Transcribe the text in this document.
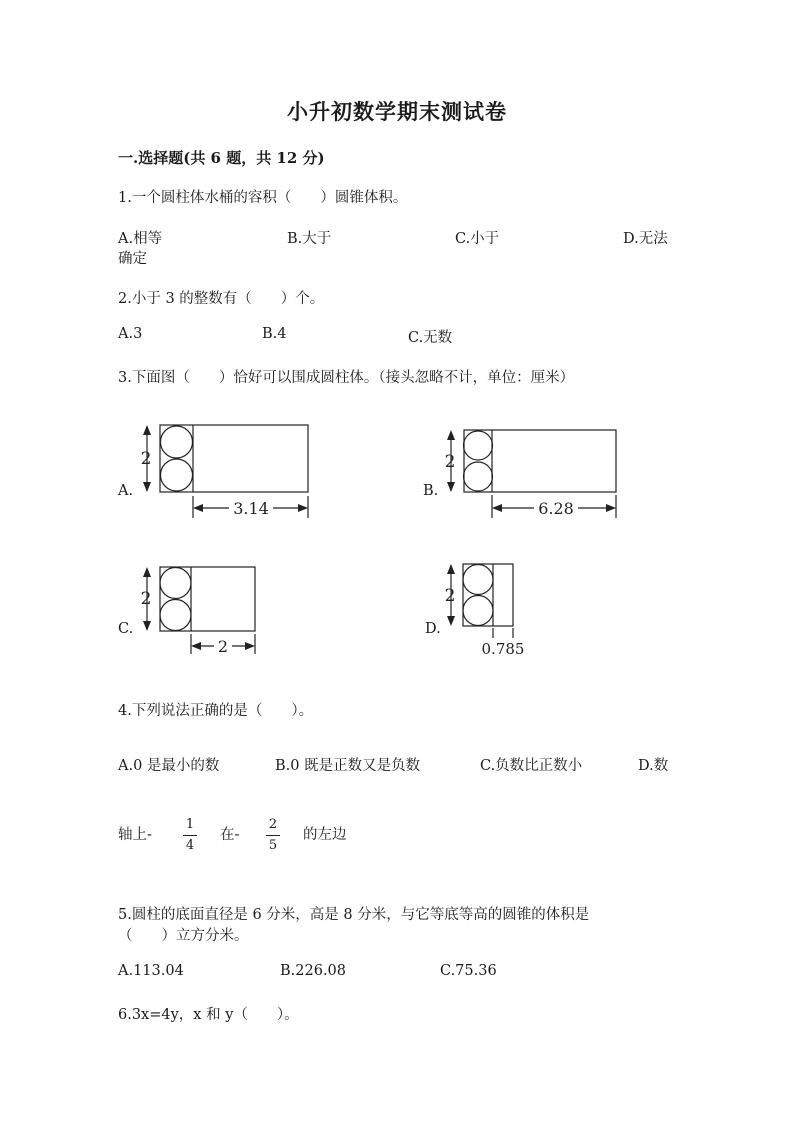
小升初数学期末测试卷
一.选择题(共 6 题，共 12 分)
1.一个圆柱体水桶的容积（　　）圆锥体积。
A.相等	B.大于	C.小于	D.无法
确定
2.小于 3 的整数有（　　）个。
A.3	B.4	C.无数
3.下面图（　　）恰好可以围成圆柱体。（接头忽略不计，单位：厘米）
A.
2
3.14
B.
2
6.28
C.
2
2
D.
2
0.785
4.下列说法正确的是（　　）。
A.0 是最小的数	B.0 既是正数又是负数	C.负数比正数小	D.数
轴上-
1
4
在-
2
5
的左边
5.圆柱的底面直径是 6 分米，高是 8 分米，与它等底等高的圆锥的体积是
（　　）立方分米。
A.113.04	B.226.08	C.75.36
6.3x=4y，x 和 y（　　）。
